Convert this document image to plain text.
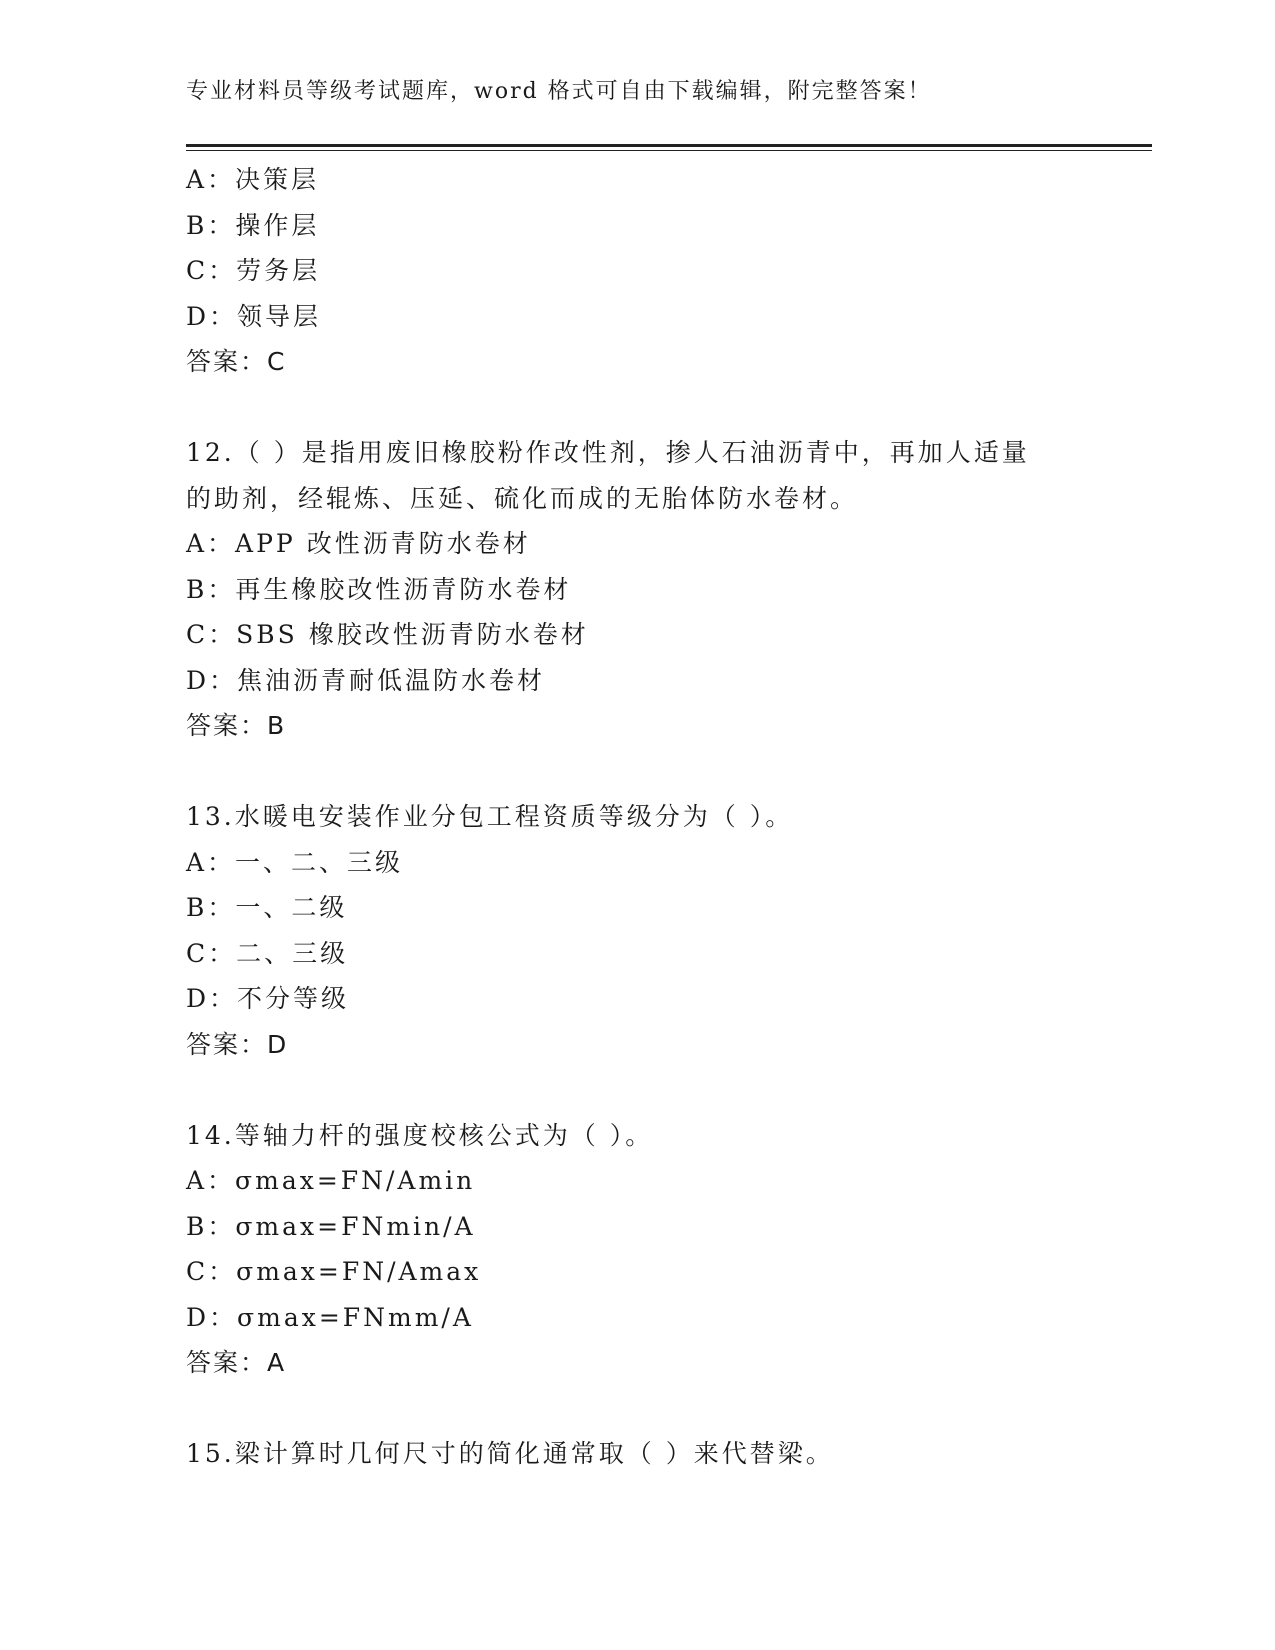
专业材料员等级考试题库，word 格式可自由下载编辑，附完整答案！
A：决策层
B：操作层
C：劳务层
D：领导层
答案：C
12.（ ）是指用废旧橡胶粉作改性剂，掺人石油沥青中，再加人适量
的助剂，经辊炼、压延、硫化而成的无胎体防水卷材。
A：APP 改性沥青防水卷材
B：再生橡胶改性沥青防水卷材
C：SBS 橡胶改性沥青防水卷材
D：焦油沥青耐低温防水卷材
答案：B
13.水暖电安装作业分包工程资质等级分为（ ）。
A：一、二、三级
B：一、二级
C：二、三级
D：不分等级
答案：D
14.等轴力杆的强度校核公式为（ ）。
A：σmax=FN/Amin
B：σmax=FNmin/A
C：σmax=FN/Amax
D：σmax=FNmm/A
答案：A
15.梁计算时几何尺寸的简化通常取（ ）来代替梁。
